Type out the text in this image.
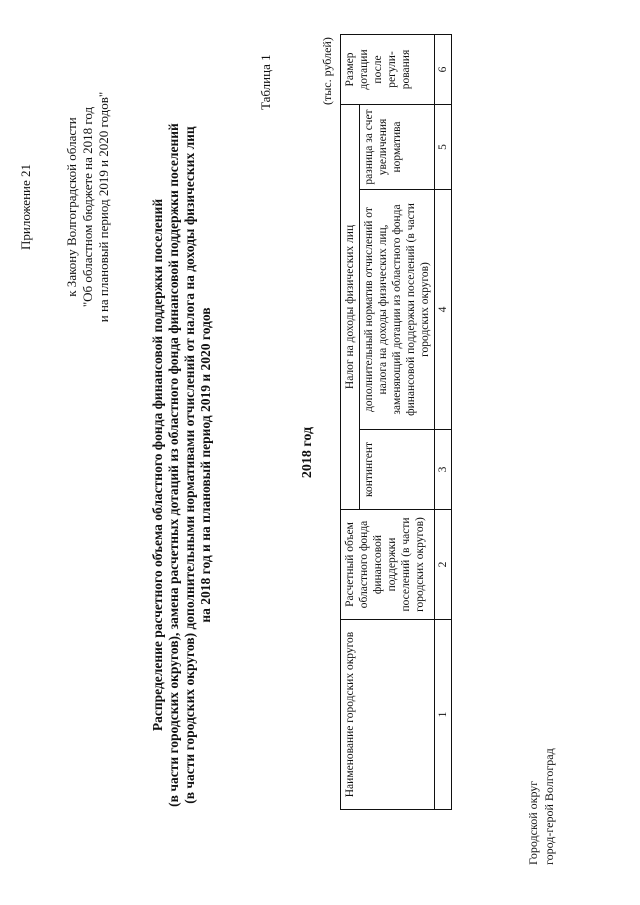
Приложение 21 к Закону Волгоградской области "Об областном бюджете на 2018 год и на плановый период 2019 и 2020 годов"	Распределение расчетного объема областного фонда финансовой поддержки поселений (в части городских округов), замена расчетных дотаций из областного фонда финансовой поддержки поселений (в части городских округов) дополнительными нормативами отчислений от налога на доходы физических лиц на 2018 год и на плановый период 2019 и 2020 годов
Таблица 1
2018 год
(тыс. рублей)
Наименование городских округов	Расчетный объем областного фонда финансовой поддержки поселений (в части городских округов)	Налог на доходы физических лиц			Размер дотации после регули- рования
		контингент	дополнительный норматив отчислений от налога на доходы физических лиц, заменяющий дотации из областного фонда финансовой поддержки поселений (в части городских округов)	разница за счет увеличения норматива	
1	2	3	4	5	6
Городской округ город-герой Волгоград
